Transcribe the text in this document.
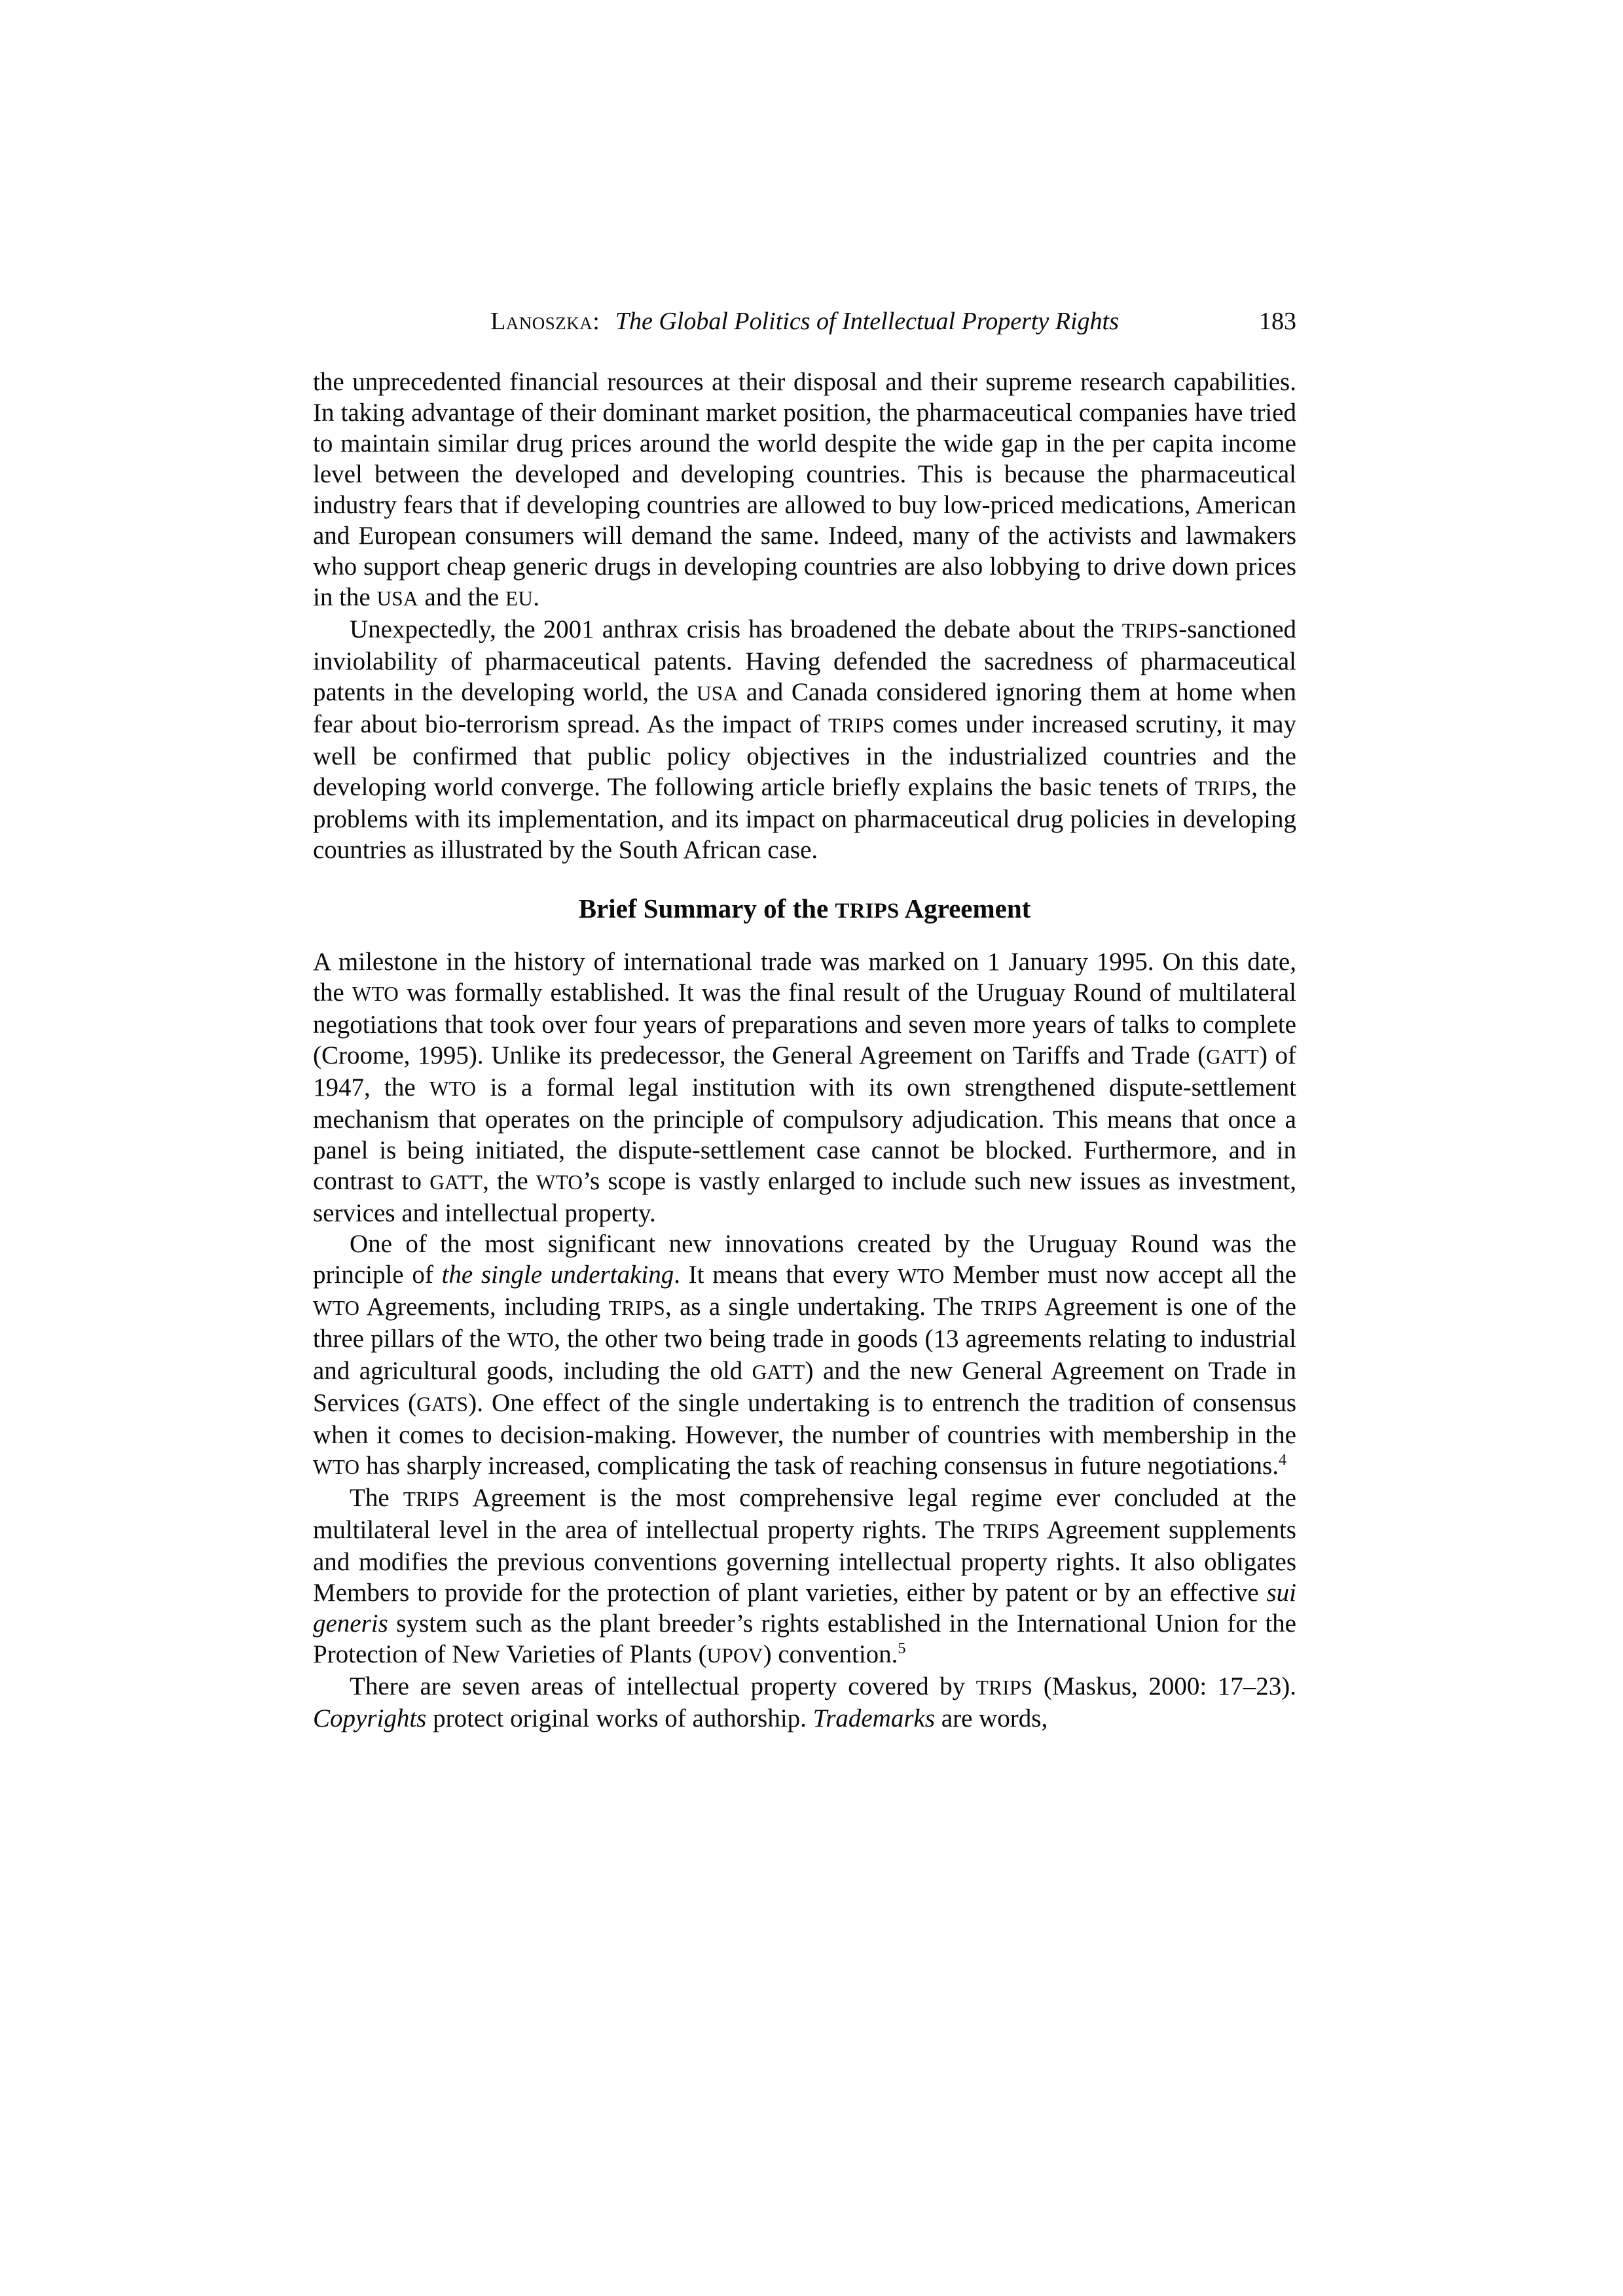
Lanoszka: The Global Politics of Intellectual Property Rights	183

the unprecedented financial resources at their disposal and their supreme research capabilities. In taking advantage of their dominant market position, the pharmaceutical companies have tried to maintain similar drug prices around the world despite the wide gap in the per capita income level between the developed and developing countries. This is because the pharmaceutical industry fears that if developing countries are allowed to buy low-priced medications, American and European consumers will demand the same. Indeed, many of the activists and lawmakers who support cheap generic drugs in developing countries are also lobbying to drive down prices in the USA and the EU.

Unexpectedly, the 2001 anthrax crisis has broadened the debate about the TRIPS-sanctioned inviolability of pharmaceutical patents. Having defended the sacredness of pharmaceutical patents in the developing world, the USA and Canada considered ignoring them at home when fear about bio-terrorism spread. As the impact of TRIPS comes under increased scrutiny, it may well be confirmed that public policy objectives in the industrialized countries and the developing world converge. The following article briefly explains the basic tenets of TRIPS, the problems with its implementation, and its impact on pharmaceutical drug policies in developing countries as illustrated by the South African case.

Brief Summary of the TRIPS Agreement

A milestone in the history of international trade was marked on 1 January 1995. On this date, the WTO was formally established. It was the final result of the Uruguay Round of multilateral negotiations that took over four years of preparations and seven more years of talks to complete (Croome, 1995). Unlike its predecessor, the General Agreement on Tariffs and Trade (GATT) of 1947, the WTO is a formal legal institution with its own strengthened dispute-settlement mechanism that operates on the principle of compulsory adjudication. This means that once a panel is being initiated, the dispute-settlement case cannot be blocked. Furthermore, and in contrast to GATT, the WTO’s scope is vastly enlarged to include such new issues as investment, services and intellectual property.

One of the most significant new innovations created by the Uruguay Round was the principle of the single undertaking. It means that every WTO Member must now accept all the WTO Agreements, including TRIPS, as a single undertaking. The TRIPS Agreement is one of the three pillars of the WTO, the other two being trade in goods (13 agreements relating to industrial and agricultural goods, including the old GATT) and the new General Agreement on Trade in Services (GATS). One effect of the single undertaking is to entrench the tradition of consensus when it comes to decision-making. However, the number of countries with membership in the WTO has sharply increased, complicating the task of reaching consensus in future negotiations.$^4$

The TRIPS Agreement is the most comprehensive legal regime ever concluded at the multilateral level in the area of intellectual property rights. The TRIPS Agreement supplements and modifies the previous conventions governing intellectual property rights. It also obligates Members to provide for the protection of plant varieties, either by patent or by an effective sui generis system such as the plant breeder’s rights established in the International Union for the Protection of New Varieties of Plants (UPOV) convention.$^5$

There are seven areas of intellectual property covered by TRIPS (Maskus, 2000: 17–23). Copyrights protect original works of authorship. Trademarks are words,
